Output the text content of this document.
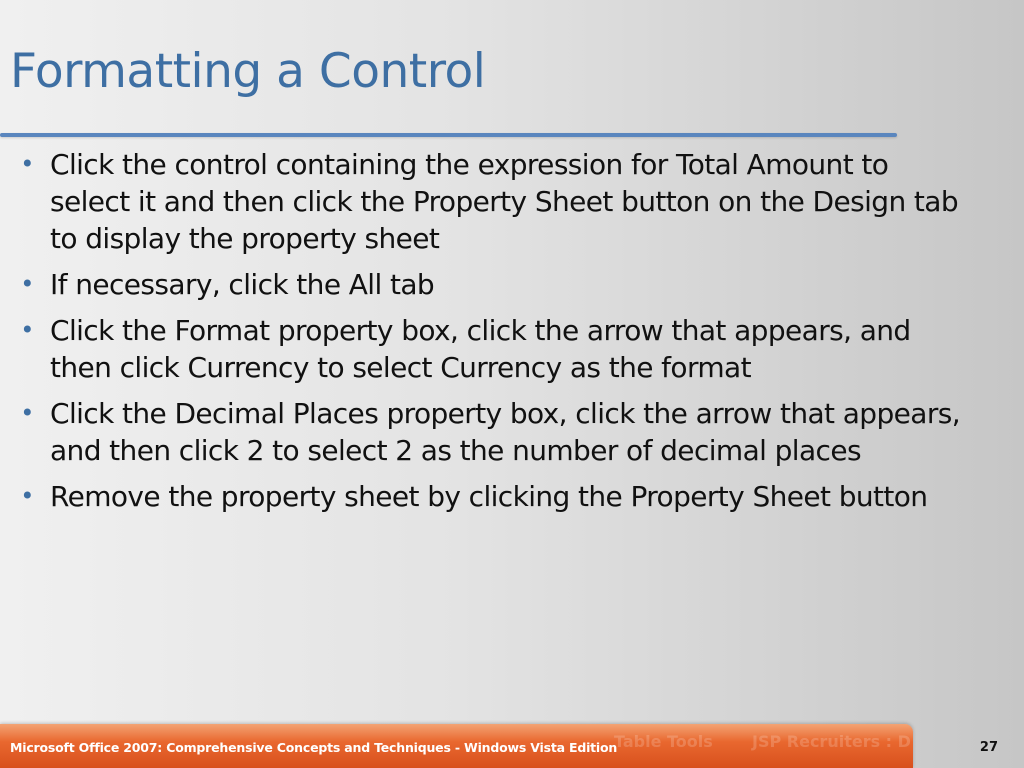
Formatting a Control
• Click the control containing the expression for Total Amount to select it and then click the Property Sheet button on the Design tab to display the property sheet
• If necessary, click the All tab
• Click the Format property box, click the arrow that appears, and then click Currency to select Currency as the format
• Click the Decimal Places property box, click the arrow that appears, and then click 2 to select 2 as the number of decimal places
• Remove the property sheet by clicking the Property Sheet button
Table Tools JSP Recruiters : D
Microsoft Office 2007: Comprehensive Concepts and Techniques - Windows Vista Edition	27
